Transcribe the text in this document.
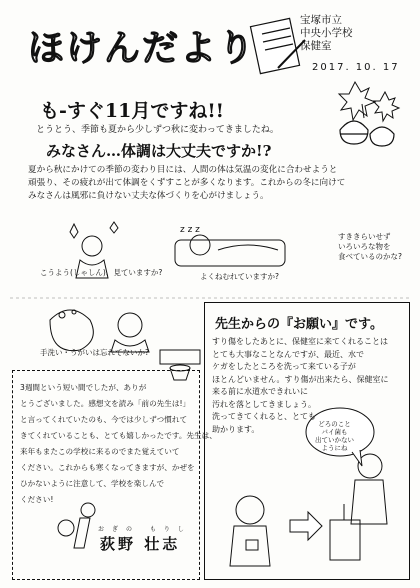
z z z
ほけんだより
宝塚市立
中央小学校
保健室
2017. 10. 17
も-すぐ11月ですね!!
とうとう、季節も夏から少しずつ秋に変わってきましたね。
みなさん…体調は大丈夫ですか!?
夏から秋にかけての季節の変わり目には、人間の体は気温の変化に合わせようと
頑張り、その疲れが出て体調をくずすことが多くなります。これからの冬に向けて
みなさんは風邪に負けない丈夫な体づくりを心がけましょう。
こうよう(しゃしん)、見ていますか?	よくねむれていますか?
すききらいせず
いろいろな物を
食べているのかな?
手洗い・うがいは忘れてないか?
先生からの『お願い』です。
すり傷をしたあとに、保健室に来てくれることは
とても大事なことなんですが、最近、水で
ケガをしたところを洗って来ている子が
ほとんどいません。すり傷が出来たら、保健室に
来る前に水道水できれいに
汚れを落としてきましょう。
洗ってきてくれると、とても
助かります。
どろのこと
バイ菌も
出ていかない
ようにね
3週間という短い間でしたが、ありが
とうございました。感想文を読み「前の先生は!」
と言ってくれていたのも、今では少しずつ慣れて
きてくれていることも、とても嬉しかったです。先生は、
来年もまたこの学校に来るのでまた覚えていて
ください。これからも寒くなってきますが、かぜを
ひかないように注意して、学校を楽しんで
ください!
おぎの もりし
荻野 壮志
